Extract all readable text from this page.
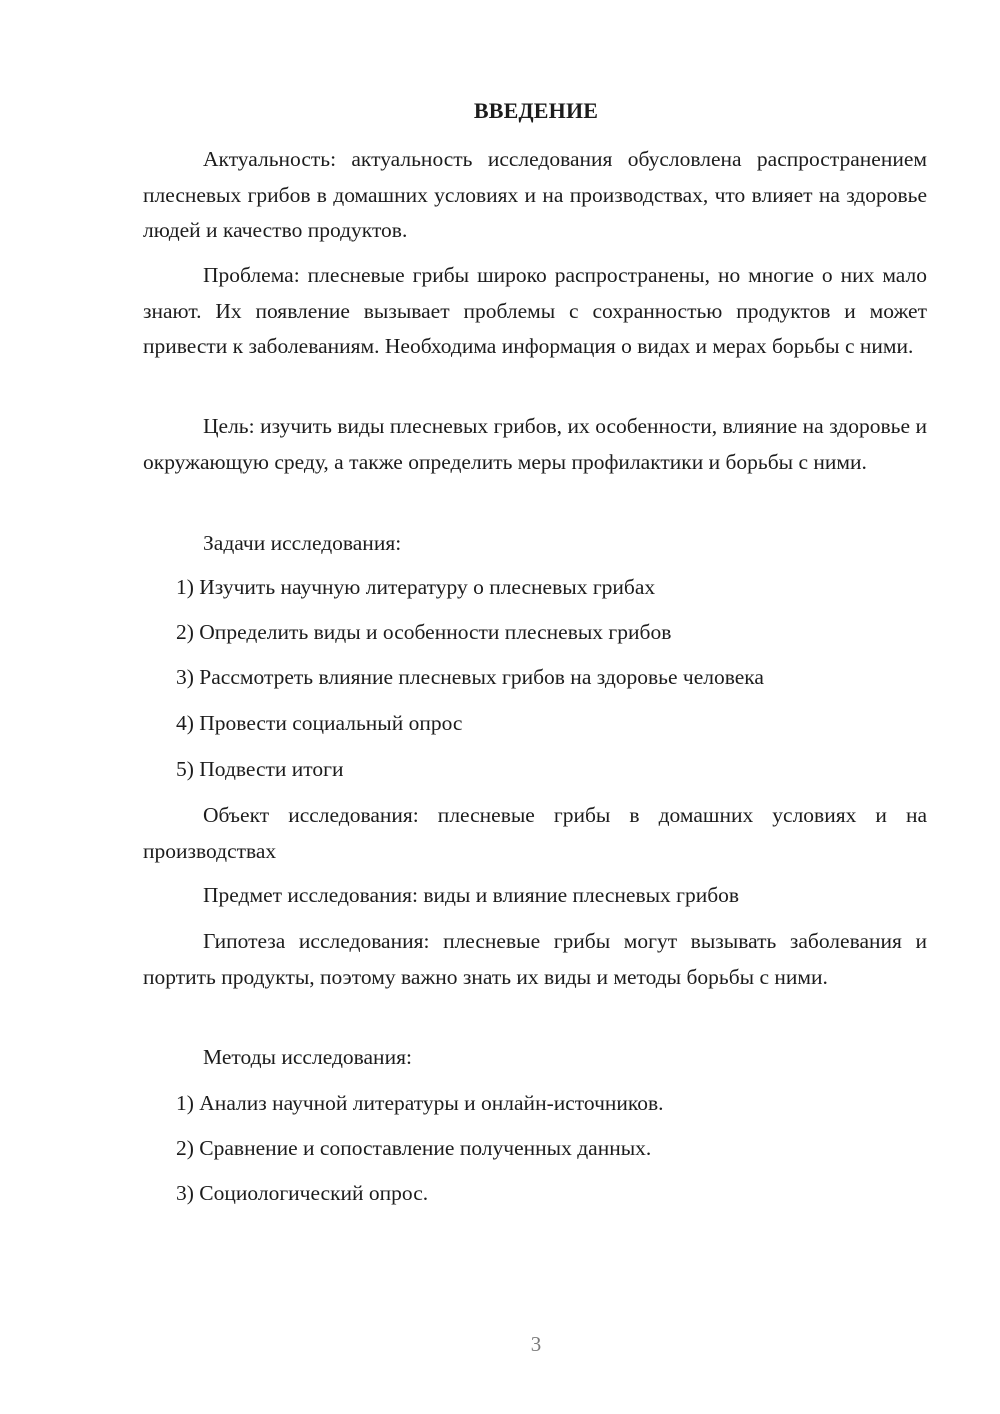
ВВЕДЕНИЕ

Актуальность: актуальность исследования обусловлена распространением плесневых грибов в домашних условиях и на производствах, что влияет на здоровье людей и качество продуктов.

Проблема: плесневые грибы широко распространены, но многие о них мало знают. Их появление вызывает проблемы с сохранностью продуктов и может привести к заболеваниям. Необходима информация о видах и мерах борьбы с ними.

Цель: изучить виды плесневых грибов, их особенности, влияние на здоровье и окружающую среду, а также определить меры профилактики и борьбы с ними.

Задачи исследования:

1) Изучить научную литературу о плесневых грибах

2) Определить виды и особенности плесневых грибов

3) Рассмотреть влияние плесневых грибов на здоровье человека

4) Провести социальный опрос

5) Подвести итоги

Объект исследования: плесневые грибы в домашних условиях и на производствах

Предмет исследования: виды и влияние плесневых грибов

Гипотеза исследования: плесневые грибы могут вызывать заболевания и портить продукты, поэтому важно знать их виды и методы борьбы с ними.

Методы исследования:

1) Анализ научной литературы и онлайн-источников.

2) Сравнение и сопоставление полученных данных.

3) Социологический опрос.

3
